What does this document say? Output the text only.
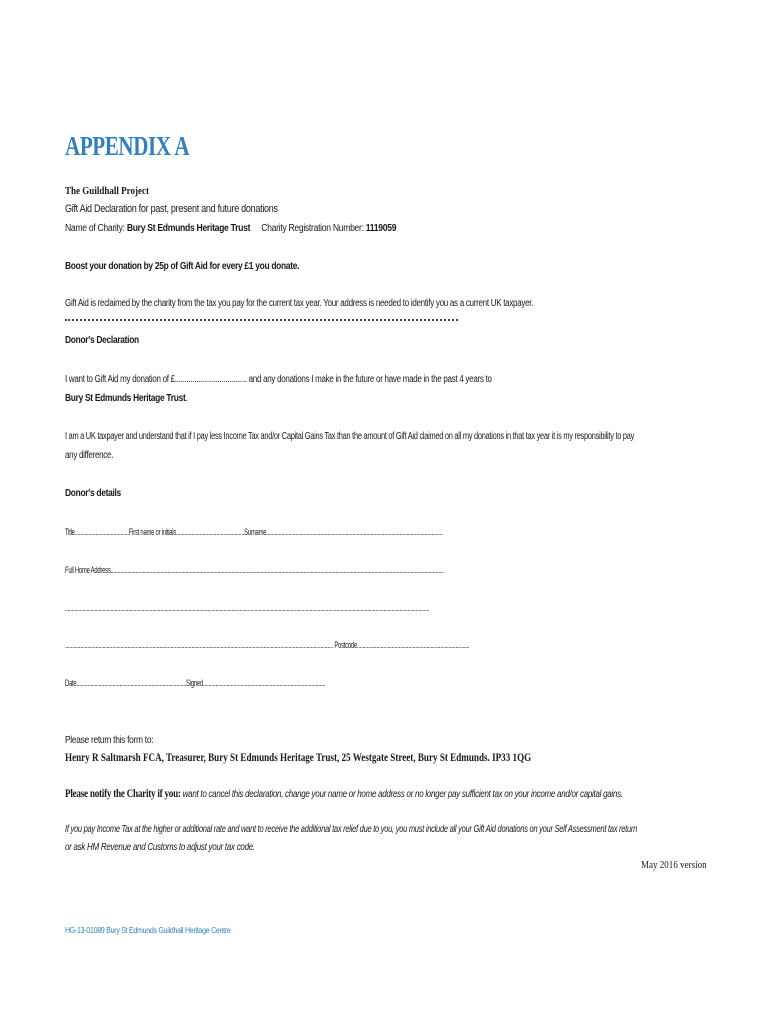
APPENDIX A
The Guildhall Project
Gift Aid Declaration for past, present and future donations
Name of Charity: Bury St Edmunds Heritage Trust Charity Registration Number: 1119059
Boost your donation by 25p of Gift Aid for every £1 you donate.
Gift Aid is reclaimed by the charity from the tax you pay for the current tax year. Your address is needed to identify you as a current UK taxpayer.
Donor's Declaration
I want to Gift Aid my donation of £..................................... and any donations I make in the future or have made in the past 4 years to
Bury St Edmunds Heritage Trust.
I am a UK taxpayer and understand that if I pay less Income Tax and/or Capital Gains Tax than the amount of Gift Aid claimed on all my donations in that tax year it is my responsibility to pay
any difference.
Donor's details
Title.......................................First name or initials.................................................Surname...............................................................................................................................
Full Home Address................................................................................................................................................................................................................................................
...............................................................................................................................................................................................................................................................................
................................................................................................................................................................................................. Postcode.................................................................................
Date...............................................................................Signed........................................................................................
Please return this form to:
Henry R Saltmarsh FCA, Treasurer, Bury St Edmunds Heritage Trust, 25 Westgate Street, Bury St Edmunds. IP33 1QG
Please notify the Charity if you: want to cancel this declaration, change your name or home address or no longer pay sufficient tax on your income and/or capital gains.
If you pay Income Tax at the higher or additional rate and want to receive the additional tax relief due to you, you must include all your Gift Aid donations on your Self Assessment tax return
or ask HM Revenue and Customs to adjust your tax code.
May 2016 version
HG-13-01089 Bury St Edmunds Guildhall Heritage Centre
